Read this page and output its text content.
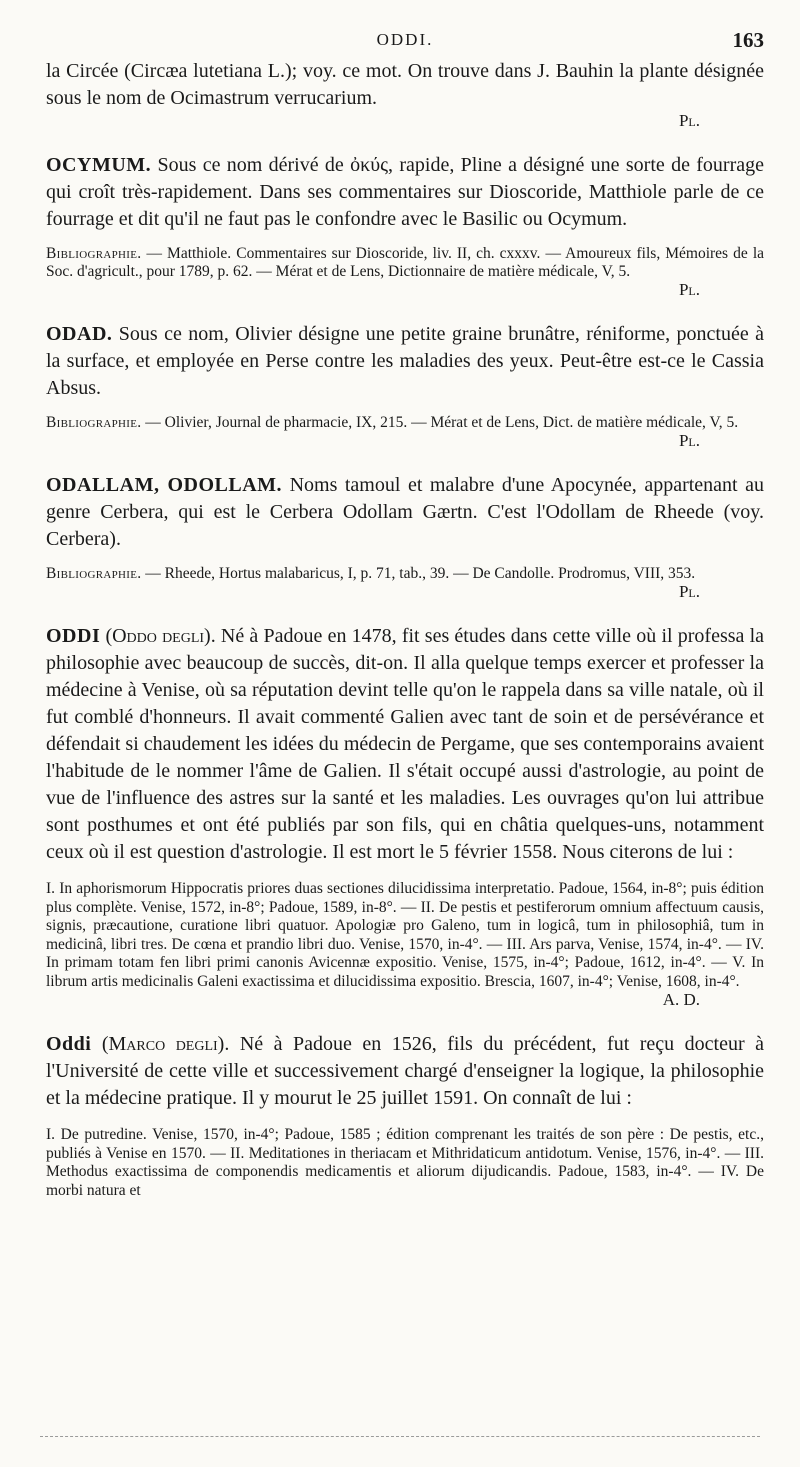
ODDI.	163

la Circée (Circæa lutetiana L.); voy. ce mot. On trouve dans J. Bauhin la plante désignée sous le nom de Ocimastrum verrucarium.

Pl.

OCYMUM. Sous ce nom dérivé de ὀκύς, rapide, Pline a désigné une sorte de fourrage qui croît très-rapidement. Dans ses commentaires sur Dioscoride, Matthiole parle de ce fourrage et dit qu'il ne faut pas le confondre avec le Basilic ou Ocymum.

Bibliographie. — Matthiole. Commentaires sur Dioscoride, liv. II, ch. cxxxv. — Amoureux fils, Mémoires de la Soc. d'agricult., pour 1789, p. 62. — Mérat et de Lens, Dictionnaire de matière médicale, V, 5.
Pl.

ODAD. Sous ce nom, Olivier désigne une petite graine brunâtre, réniforme, ponctuée à la surface, et employée en Perse contre les maladies des yeux. Peut-être est-ce le Cassia Absus.

Bibliographie. — Olivier, Journal de pharmacie, IX, 215. — Mérat et de Lens, Dict. de matière médicale, V, 5.
Pl.

ODALLAM, ODOLLAM. Noms tamoul et malabre d'une Apocynée, appartenant au genre Cerbera, qui est le Cerbera Odollam Gærtn. C'est l'Odollam de Rheede (voy. Cerbera).

Bibliographie. — Rheede, Hortus malabaricus, I, p. 71, tab., 39. — De Candolle. Prodromus, VIII, 353.
Pl.

ODDI (Oddo degli). Né à Padoue en 1478, fit ses études dans cette ville où il professa la philosophie avec beaucoup de succès, dit-on. Il alla quelque temps exercer et professer la médecine à Venise, où sa réputation devint telle qu'on le rappela dans sa ville natale, où il fut comblé d'honneurs. Il avait commenté Galien avec tant de soin et de persévérance et défendait si chaudement les idées du médecin de Pergame, que ses contemporains avaient l'habitude de le nommer l'âme de Galien. Il s'était occupé aussi d'astrologie, au point de vue de l'influence des astres sur la santé et les maladies. Les ouvrages qu'on lui attribue sont posthumes et ont été publiés par son fils, qui en châtia quelques-uns, notamment ceux où il est question d'astrologie. Il est mort le 5 février 1558. Nous citerons de lui :

I. In aphorismorum Hippocratis priores duas sectiones dilucidissima interpretatio. Padoue, 1564, in-8°; puis édition plus complète. Venise, 1572, in-8°; Padoue, 1589, in-8°. — II. De pestis et pestiferorum omnium affectuum causis, signis, præcautione, curatione libri quatuor. Apologiæ pro Galeno, tum in logicâ, tum in philosophiâ, tum in medicinâ, libri tres. De cœna et prandio libri duo. Venise, 1570, in-4°. — III. Ars parva, Venise, 1574, in-4°. — IV. In primam totam fen libri primi canonis Avicennæ expositio. Venise, 1575, in-4°; Padoue, 1612, in-4°. — V. In librum artis medicinalis Galeni exactissima et dilucidissima expositio. Brescia, 1607, in-4°; Venise, 1608, in-4°.

A. D.

Oddi (Marco degli). Né à Padoue en 1526, fils du précédent, fut reçu docteur à l'Université de cette ville et successivement chargé d'enseigner la logique, la philosophie et la médecine pratique. Il y mourut le 25 juillet 1591. On connaît de lui :

I. De putredine. Venise, 1570, in-4°; Padoue, 1585 ; édition comprenant les traités de son père : De pestis, etc., publiés à Venise en 1570. — II. Meditationes in theriacam et Mithridaticum antidotum. Venise, 1576, in-4°. — III. Methodus exactissima de componendis medicamentis et aliorum dijudicandis. Padoue, 1583, in-4°. — IV. De morbi natura et
